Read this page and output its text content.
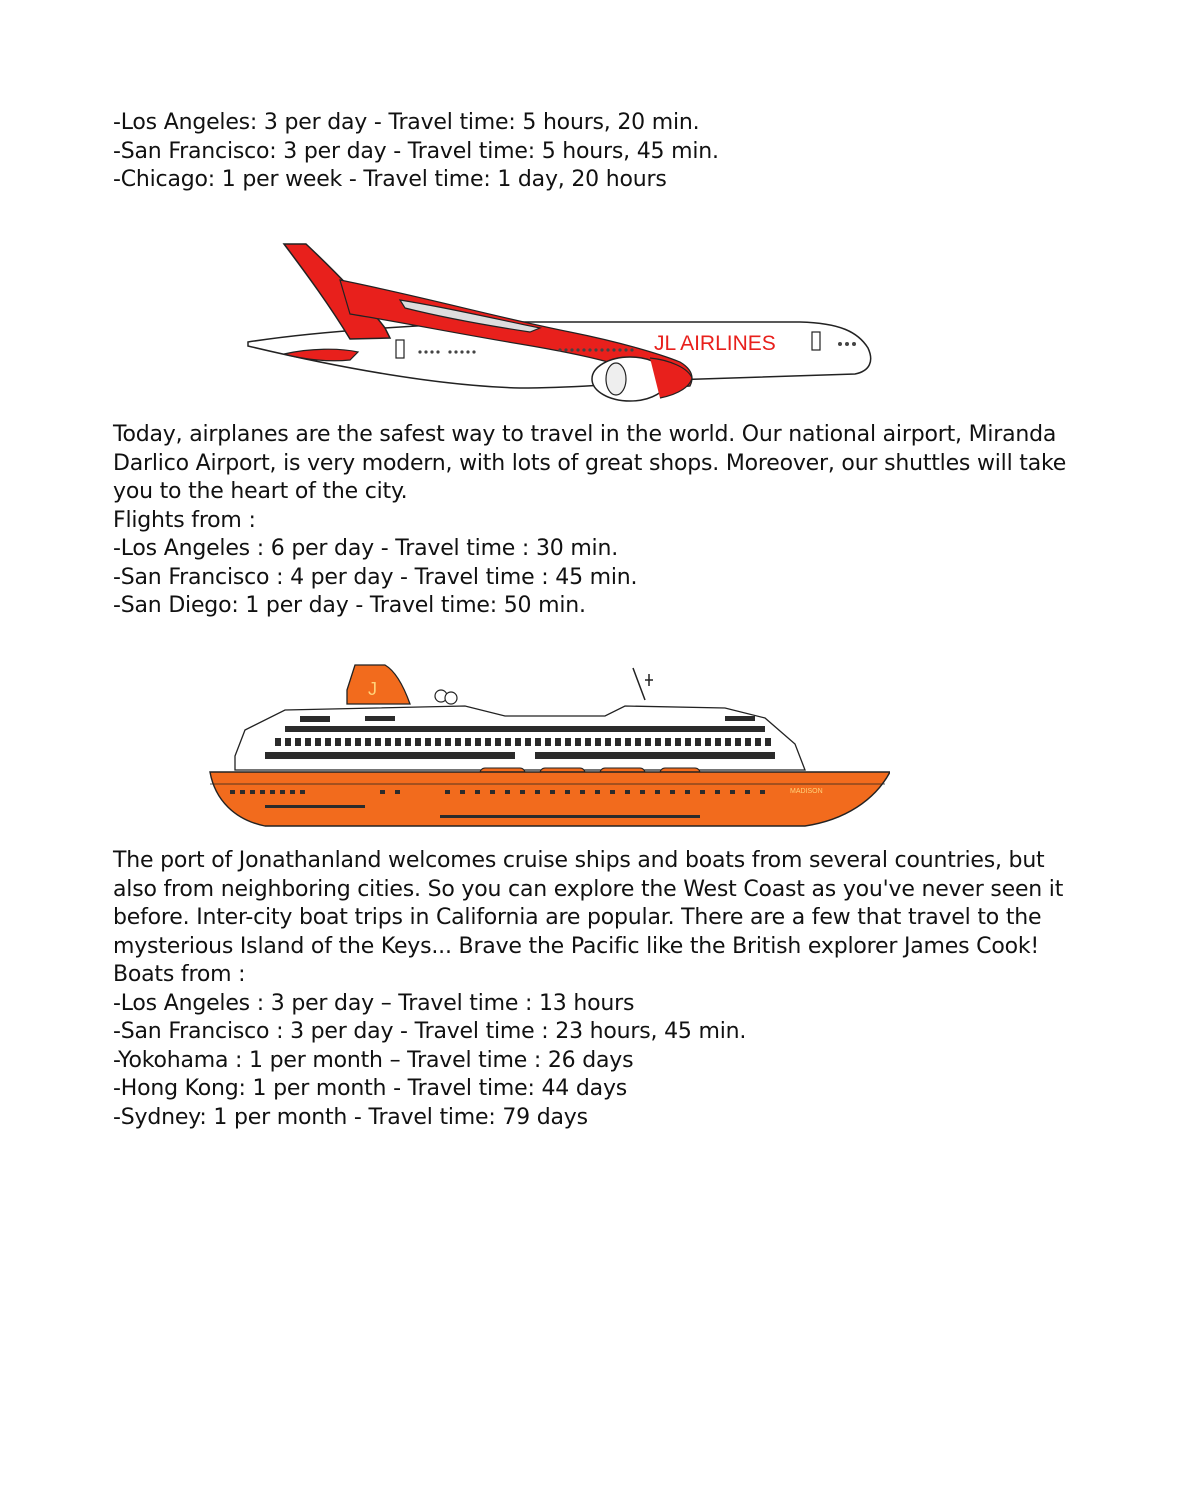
-Los Angeles: 3 per day - Travel time: 5 hours, 20 min.
-San Francisco: 3 per day - Travel time: 5 hours, 45 min.
-Chicago: 1 per week - Travel time: 1 day, 20 hours
JL AIRLINES
Today, airplanes are the safest way to travel in the world. Our national airport, Miranda Darlico Airport, is very modern, with lots of great shops. Moreover, our shuttles will take you to the heart of the city.
Flights from :
-Los Angeles : 6 per day - Travel time : 30 min.
-San Francisco : 4 per day - Travel time : 45 min.
-San Diego: 1 per day - Travel time: 50 min.
J
MADISON
The port of Jonathanland welcomes cruise ships and boats from several countries, but also from neighboring cities. So you can explore the West Coast as you've never seen it before. Inter-city boat trips in California are popular. There are a few that travel to the mysterious Island of the Keys... Brave the Pacific like the British explorer James Cook!
Boats from :
-Los Angeles : 3 per day – Travel time : 13 hours
-San Francisco : 3 per day - Travel time : 23 hours, 45 min.
-Yokohama : 1 per month – Travel time : 26 days
-Hong Kong: 1 per month - Travel time: 44 days
-Sydney: 1 per month - Travel time: 79 days
